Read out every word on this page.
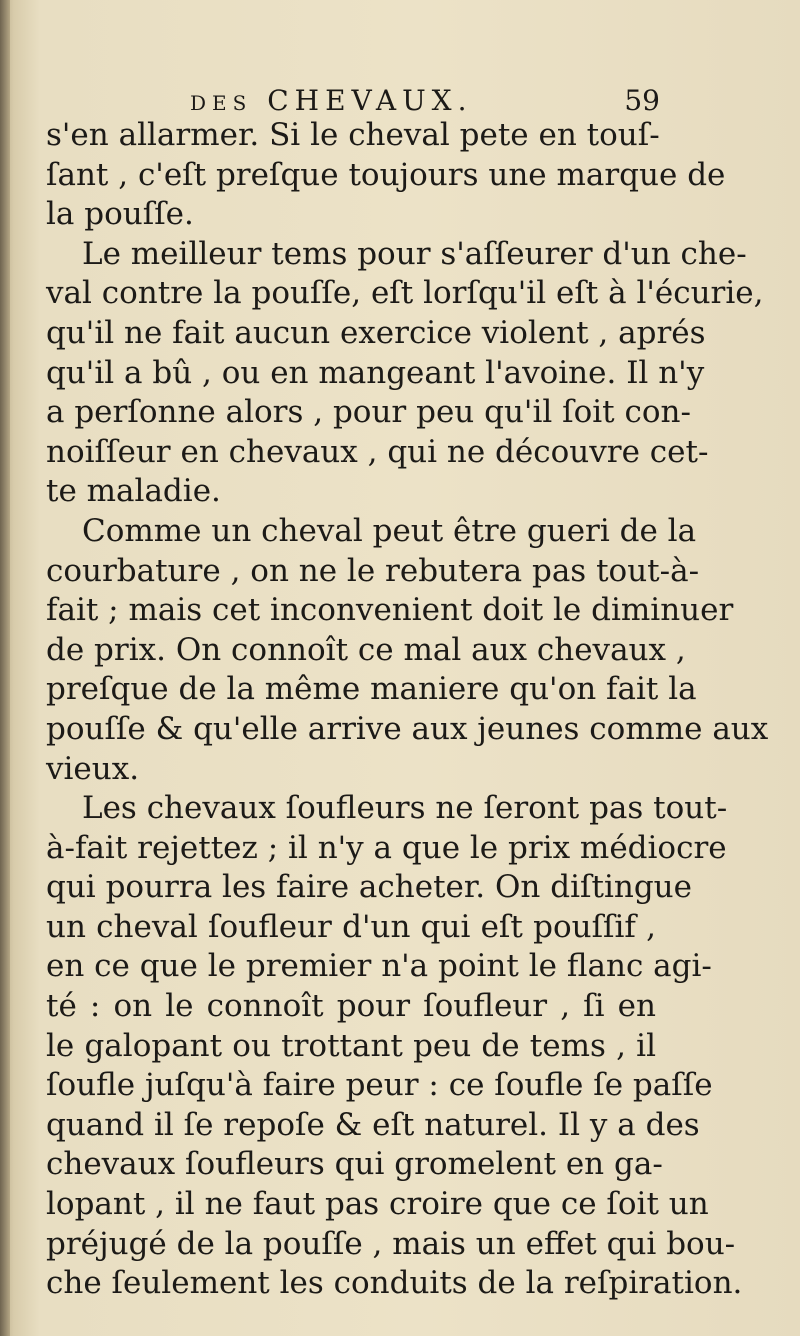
DES CHEVAUX.	59
s'en allarmer. Si le cheval pete en touſ-
ſant , c'eſt preſque toujours une marque de
la pouſſe.
Le meilleur tems pour s'aſſeurer d'un che-
val contre la pouſſe, eſt lorſqu'il eſt à l'écurie,
qu'il ne fait aucun exercice violent , aprés
qu'il a bû , ou en mangeant l'avoine. Il n'y
a perſonne alors , pour peu qu'il ſoit con-
noiſſeur en chevaux , qui ne découvre cet-
te maladie.
Comme un cheval peut être gueri de la
courbature , on ne le rebutera pas tout-à-
fait ; mais cet inconvenient doit le diminuer
de prix. On connoît ce mal aux chevaux ,
preſque de la même maniere qu'on fait la
pouſſe & qu'elle arrive aux jeunes comme aux
vieux.
Les chevaux ſoufleurs ne ſeront pas tout-
à-fait rejettez ; il n'y a que le prix médiocre
qui pourra les faire acheter. On diſtingue
un cheval ſoufleur d'un qui eſt pouſſif ,
en ce que le premier n'a point le flanc agi-
té : on le connoît pour ſoufleur , ſi en
le galopant ou trottant peu de tems , il
ſoufle juſqu'à faire peur : ce ſoufle ſe paſſe
quand il ſe repoſe & eſt naturel. Il y a des
chevaux ſoufleurs qui gromelent en ga-
lopant , il ne faut pas croire que ce ſoit un
préjugé de la pouſſe , mais un effet qui bou-
che ſeulement les conduits de la reſpiration.
